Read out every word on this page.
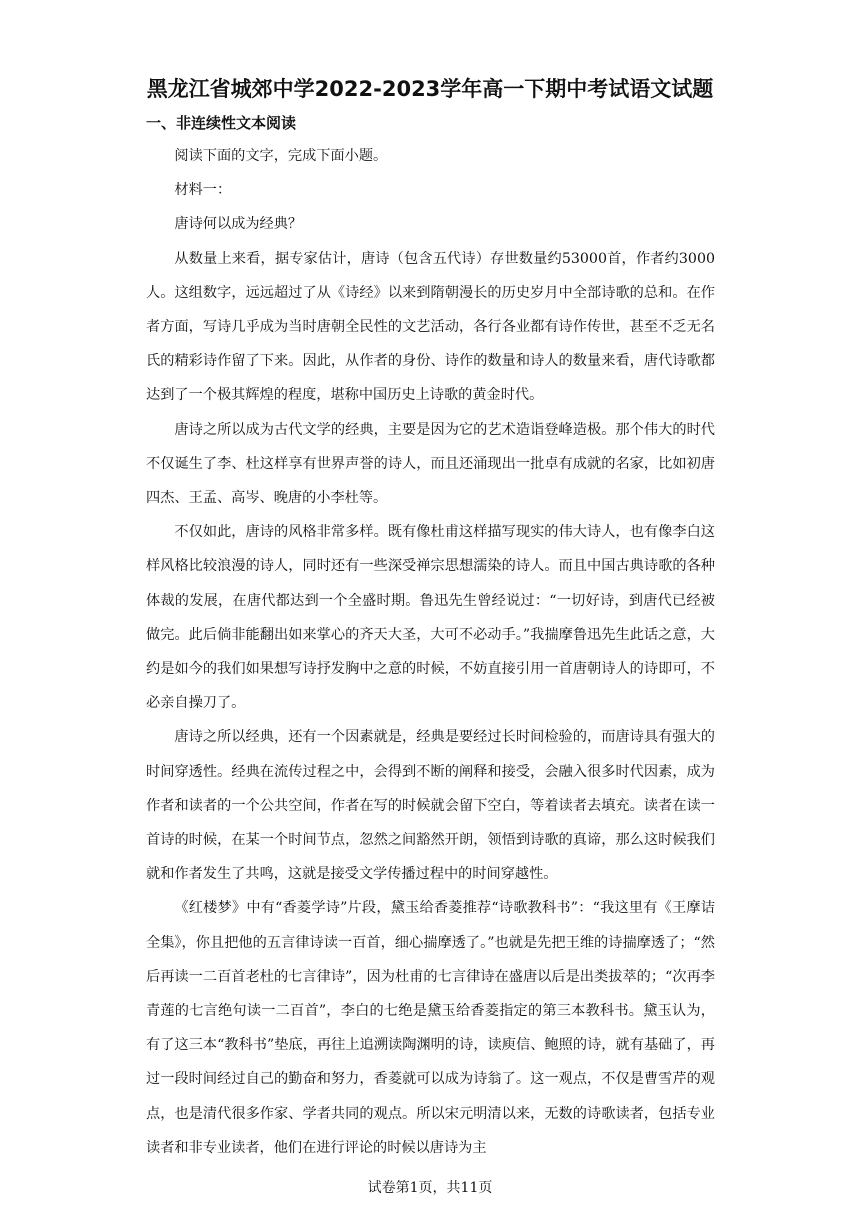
黑龙江省城郊中学2022-2023学年高一下期中考试语文试题
一、非连续性文本阅读

阅读下面的文字，完成下面小题。

材料一：

唐诗何以成为经典？

从数量上来看，据专家估计，唐诗（包含五代诗）存世数量约53000首，作者约3000人。这组数字，远远超过了从《诗经》以来到隋朝漫长的历史岁月中全部诗歌的总和。在作者方面，写诗几乎成为当时唐朝全民性的文艺活动，各行各业都有诗作传世，甚至不乏无名氏的精彩诗作留了下来。因此，从作者的身份、诗作的数量和诗人的数量来看，唐代诗歌都达到了一个极其辉煌的程度，堪称中国历史上诗歌的黄金时代。

唐诗之所以成为古代文学的经典，主要是因为它的艺术造诣登峰造极。那个伟大的时代不仅诞生了李、杜这样享有世界声誉的诗人，而且还涌现出一批卓有成就的名家，比如初唐四杰、王孟、高岑、晚唐的小李杜等。

不仅如此，唐诗的风格非常多样。既有像杜甫这样描写现实的伟大诗人，也有像李白这样风格比较浪漫的诗人，同时还有一些深受禅宗思想濡染的诗人。而且中国古典诗歌的各种体裁的发展，在唐代都达到一个全盛时期。鲁迅先生曾经说过：“一切好诗，到唐代已经被做完。此后倘非能翻出如来掌心的齐天大圣，大可不必动手。”我揣摩鲁迅先生此话之意，大约是如今的我们如果想写诗抒发胸中之意的时候，不妨直接引用一首唐朝诗人的诗即可，不必亲自操刀了。

唐诗之所以经典，还有一个因素就是，经典是要经过长时间检验的，而唐诗具有强大的时间穿透性。经典在流传过程之中，会得到不断的阐释和接受，会融入很多时代因素，成为作者和读者的一个公共空间，作者在写的时候就会留下空白，等着读者去填充。读者在读一首诗的时候，在某一个时间节点，忽然之间豁然开朗，领悟到诗歌的真谛，那么这时候我们就和作者发生了共鸣，这就是接受文学传播过程中的时间穿越性。

《红楼梦》中有“香菱学诗”片段，黛玉给香菱推荐“诗歌教科书”：“我这里有《王摩诘全集》，你且把他的五言律诗读一百首，细心揣摩透了。”也就是先把王维的诗揣摩透了；“然后再读一二百首老杜的七言律诗”，因为杜甫的七言律诗在盛唐以后是出类拔萃的；“次再李青莲的七言绝句读一二百首”，李白的七绝是黛玉给香菱指定的第三本教科书。黛玉认为，有了这三本“教科书”垫底，再往上追溯读陶渊明的诗，读庾信、鲍照的诗，就有基础了，再过一段时间经过自己的勤奋和努力，香菱就可以成为诗翁了。这一观点，不仅是曹雪芹的观点，也是清代很多作家、学者共同的观点。所以宋元明清以来，无数的诗歌读者，包括专业读者和非专业读者，他们在进行评论的时候以唐诗为主

试卷第1页，共11页
